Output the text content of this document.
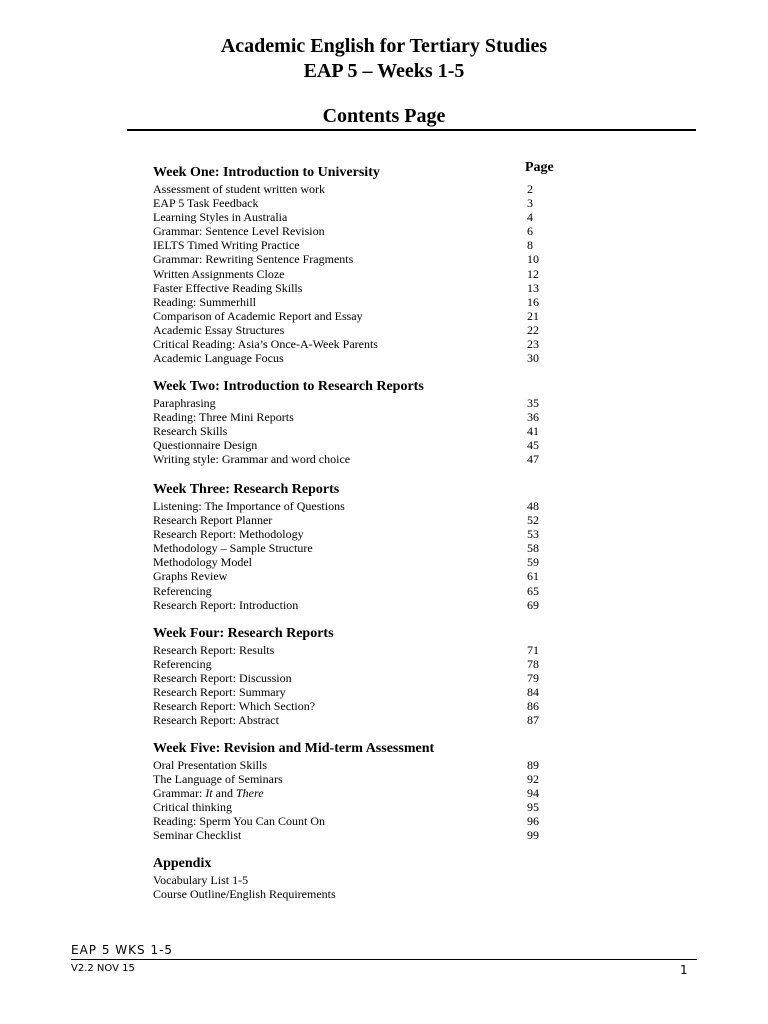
Academic English for Tertiary Studies
EAP 5 – Weeks 1-5
Contents Page
Page
Week One: Introduction to University
Assessment of student written work	2
EAP 5 Task Feedback	3
Learning Styles in Australia	4
Grammar: Sentence Level Revision	6
IELTS Timed Writing Practice	8
Grammar: Rewriting Sentence Fragments	10
Written Assignments Cloze	12
Faster Effective Reading Skills	13
Reading: Summerhill	16
Comparison of Academic Report and Essay	21
Academic Essay Structures	22
Critical Reading: Asia’s Once-A-Week Parents	23
Academic Language Focus	30
Week Two: Introduction to Research Reports
Paraphrasing	35
Reading: Three Mini Reports	36
Research Skills	41
Questionnaire Design	45
Writing style: Grammar and word choice	47
Week Three: Research Reports
Listening: The Importance of Questions	48
Research Report Planner	52
Research Report: Methodology	53
Methodology – Sample Structure	58
Methodology Model	59
Graphs Review	61
Referencing	65
Research Report: Introduction	69
Week Four: Research Reports
Research Report: Results	71
Referencing	78
Research Report: Discussion	79
Research Report: Summary	84
Research Report: Which Section?	86
Research Report: Abstract	87
Week Five: Revision and Mid-term Assessment
Oral Presentation Skills	89
The Language of Seminars	92
Grammar: It and There	94
Critical thinking	95
Reading: Sperm You Can Count On	96
Seminar Checklist	99
Appendix
Vocabulary List 1-5
Course Outline/English Requirements
EAP 5 WKS 1-5
V2.2 NOV 15	1
